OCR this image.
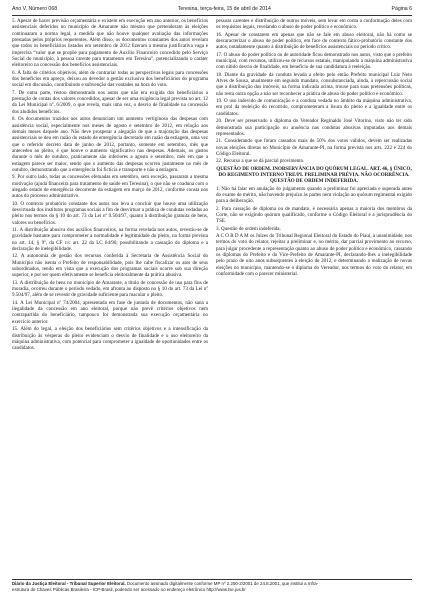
Ano V, Número 068	Teresina, terça-feira, 15 de abril de 2014	Página 6

5. Apesar de haver previsão orçamentária e existem em execução em ano anterior, os benefícios assistenciais deferidos no município de Amarante não mesmo que pretenderam às eleições continuaram a norma legal, a medida que não houve qualquer avaliação das informações prestadas pelos próprios requerentes. Além disso, os documentos constantes dos autos revelam que todos os beneficiários listados em setembro de 2012 fizeram a mesma justificativa vaga e imprecisa “valor que se propõe para pagamento de Auxílio Financeiro concedido pelo Serviço Social do município, à pessoa carente para tratamento em Teresina”, potencializando o caráter eleitoreiro na concessão dos benefícios assistenciais.

6. À falta de critérios objetivos, além de contrariar todas as perspectivas legais para concessões dos benefícios em apreço, deixou ao devedor a gestão exclusiva dos beneficiários do programa social em discussão, contribuindo e subvenção das vontades na hora do voto.

7. De outra parte, restou demonstrado nos autos que não era exigida dos beneficiários a prestação de contas dos valores concedidos, apesar de ser uma exigência legal prevista no art. 12 da Lei Municipal nº. 6/2009, o que revela, mais uma vez, o desvio de finalidade na concessão dos aludidos benefícios.

8. Os documentos trazidos aos autos denunciam um aumento vertiginoso das despesas com assistência social, especialmente nos meses de agosto e setembro de 2012, em relação aos demais meses daquele ano. Não deve prosperar a alegação de que a majoração das despesas assistenciais se deu em razão do estado de emergência decretado em razão da estiagem, uma vez que o referido decreto data de junho de 2012, portanto, somente em setembro, mês que antecedeu ao pleito, é que houve o aumento significativo nas despesas. Ademais, os gastos durante o mês de outubro, praticamente são inferiores a agosto e setembro, mês em que a estiagem parece ser maior, sendo que o aumento das despesas ocorreu justamente no mês de outubro, demonstrando que a emergência foi fictícia e transporte e não a estiagem.

9. Por outro lado, todas as concessões efetuadas em setembro, sem exceção, passaram a mesma motivação (ajuda financeira para tratamento de saúde em Teresina), o que não se coaduna com o alegado estado de emergência decorrente da estiagem em março de 2012, conforme consta nos autos do processo administrativo.

10. O contexto probatório constante dos autos nos leva a concluir que houve uma utilização desvirtuada dos institutos programas sociais a fim de desvirtuar a prática de condutas vedadas ao pleito nos termos do § 10 do art. 73 da Lei nº 9.504/97, quanto à distribuição gratuita de bens, valores ou benefícios.

11. A distribuição abusiva dos auxílios financeiros, na forma revelada nos autos, revestiu-se de gravidade bastante para comprometer a normalidade e legitimidade do pleito, na forma prevista no art. 14, § 9º, da CF c/c art. 22 da LC 64/90, possibilitando a cassação do diploma e a declaração de inelegibilidade.

12. A autonomia de gestão dos recursos conferida à Secretaria de Assistência Social do Município não isenta o Prefeito de responsabilidade, pois lhe cabe fiscalizar os atos de seus subordinados, tendo em vista que a execução dos programas sociais ocorre sob sua direção superior, e por ser quem efetivamente se beneficia eleitoralmente da prática abusiva.

13. A distribuição de bens no município de Amarante, a título de concessão de uso para fins de moradia, ocorreu durante o período vedado, em afronta ao disposto no § 10 do art. 73 da Lei nº 9.504/97, além de se revestir de gravidade suficiente para macular o pleito.

14. A Lei Municipal nº 74/2004, apresentada em fase de juntada de documentos, não sana a ilegalidade da concessão em ano eleitoral, porque não prevê critérios objetivos nem contrapartida do beneficiário, tampouco foi demonstrada sua execução orçamentária no exercício anterior.

15. Além do legal, a eleição dos beneficiários sem critérios objetivos e a intensificação da distribuição às vésperas do pleito evidenciam o desvio de finalidade e o uso eleitoreiro da máquina administrativa, com potencial para comprometer a igualdade de oportunidades entre os candidatos.

pessoas carentes e distribuição de outros móveis, sem levar em conta a conformação deles com os requisitos legais, revelando o abuso de poder político e econômico.

16. Apesar de constarem em apenas que não se fale em abuso eleitoral, não há como se descaracterizar o abuso de poder político, em face do contexto fático-probatório constante dos autos, notadamente quanto à distribuição de benefícios assistenciais no período crítico.

17. O abuso do poder político ou de autoridade ficou demonstrado nos autos, visto que o prefeito municipal, com recursos, utilizou-se de recursos estatais, manipulando a máquina administrativa com nítido desvio de finalidade, em benefício de sua candidatura à reeleição.

18. Diante da gravidade da conduta levada a efeito pelo então Prefeito municipal Luiz Neto Alves de Sousa, atualmente em segundo mandato, consubstanciada, ainda, à repercussão social que a distribuição dos imóveis, na forma indicada acima, trouxe para suas pretensões políticas, não resta outra opção a não ser reconhecer a prática de abuso do poder político e econômico.

19. O uso indevido de comunicação e a conduta vedada no âmbito da máquina administrativa, em prol da reeleição do recorrido, comprometeram a lisura do pleito e a igualdade entre os candidatos.

20. Deve ser preservado o diploma do Vereador Reginaldo José Vitorino, visto não ter sido demonstrada sua participação ou anuência nas condutas abusivas imputadas aos demais representados.

21. Considerando que foram cassados mais de 50% dos votos válidos, devem ser realizadas novas eleições diretas no Município de Amarante-PI, na forma prevista nos arts. 222 e 224 do Código Eleitoral.

22. Recurso a que se dá parcial provimento.

QUESTÃO DE ORDEM. INOBSERVÂNCIA DO QUÓRUM LEGAL. ART. 46, § ÚNICO, DO REGIMENTO INTERNO TRE/PI. PRELIMINAR PRÉVIA. NÃO OCORRÊNCIA. QUESTÃO DE ORDEM INDEFERIDA.

1. Não há falar em anulação do julgamento quando a preliminar foi apreciada e superada antes do exame de mérito, não havendo prejuízo às partes nem violação ao quórum regimental exigido para a deliberação.

2. Para cassação de diploma ou de mandato, é necessária apenas a maioria dos membros da Corte, não se exigindo quórum qualificado, conforme o Código Eleitoral e a jurisprudência do TSE.

3. Questão de ordem indeferida.

A C O R D A M os Juízes do Tribunal Regional Eleitoral do Estado do Piauí, à unanimidade, nos termos do voto do relator, rejeitar a preliminar e, no mérito, dar parcial provimento ao recurso, para julgar procedente a representação quanto ao abuso de poder político e econômico, cassando os diplomas do Prefeito e do Vice-Prefeito de Amarante-PI, declarando-lhes a inelegibilidade pelo prazo de oito anos subsequentes à eleição de 2012, e determinando a realização de novas eleições no município, mantendo-se o diploma do Vereador, nos termos do voto do relator, em conformidade com o parecer ministerial.

Diário da Justiça Eleitoral - Tribunal Superior Eleitoral. Documento assinado digitalmente conforme MP nº 2.200-2/2001 de 24.8.2001, que institui a Infra-
estrutura de Chaves Públicas Brasileira - ICP-Brasil, podendo ser acessado no endereço eletrônico http://www.tse.jus.br
